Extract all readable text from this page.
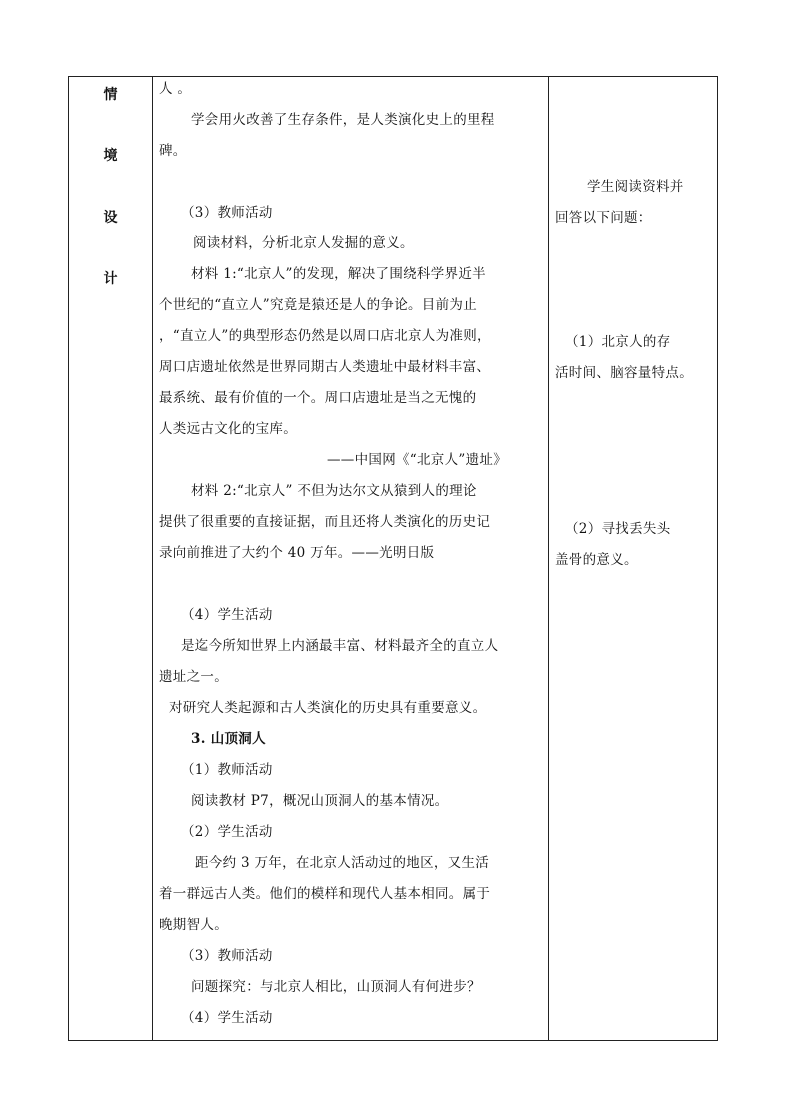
情
境
设
计
人 。
学会用火改善了生存条件，是人类演化史上的里程
碑。
（3）教师活动
阅读材料，分析北京人发掘的意义。
材料 1:“北京人”的发现，解决了围绕科学界近半
个世纪的“直立人”究竟是猿还是人的争论。目前为止
，“直立人”的典型形态仍然是以周口店北京人为准则，
周口店遗址依然是世界同期古人类遗址中最材料丰富、
最系统、最有价值的一个。周口店遗址是当之无愧的
人类远古文化的宝库。
——中国网《“北京人”遗址》
材料 2:“北京人” 不但为达尔文从猿到人的理论
提供了很重要的直接证据，而且还将人类演化的历史记
录向前推进了大约个 40 万年。——光明日版
（4）学生活动
是迄今所知世界上内涵最丰富、材料最齐全的直立人
遗址之一。
对研究人类起源和古人类演化的历史具有重要意义。
3. 山顶洞人
（1）教师活动
阅读教材 P7，概况山顶洞人的基本情况。
（2）学生活动
距今约 3 万年，在北京人活动过的地区，又生活
着一群远古人类。他们的模样和现代人基本相同。属于
晚期智人。
（3）教师活动
问题探究：与北京人相比，山顶洞人有何进步？
（4）学生活动
学生阅读资料并
回答以下问题：
（1）北京人的存
活时间、脑容量特点。
（2）寻找丢失头
盖骨的意义。
